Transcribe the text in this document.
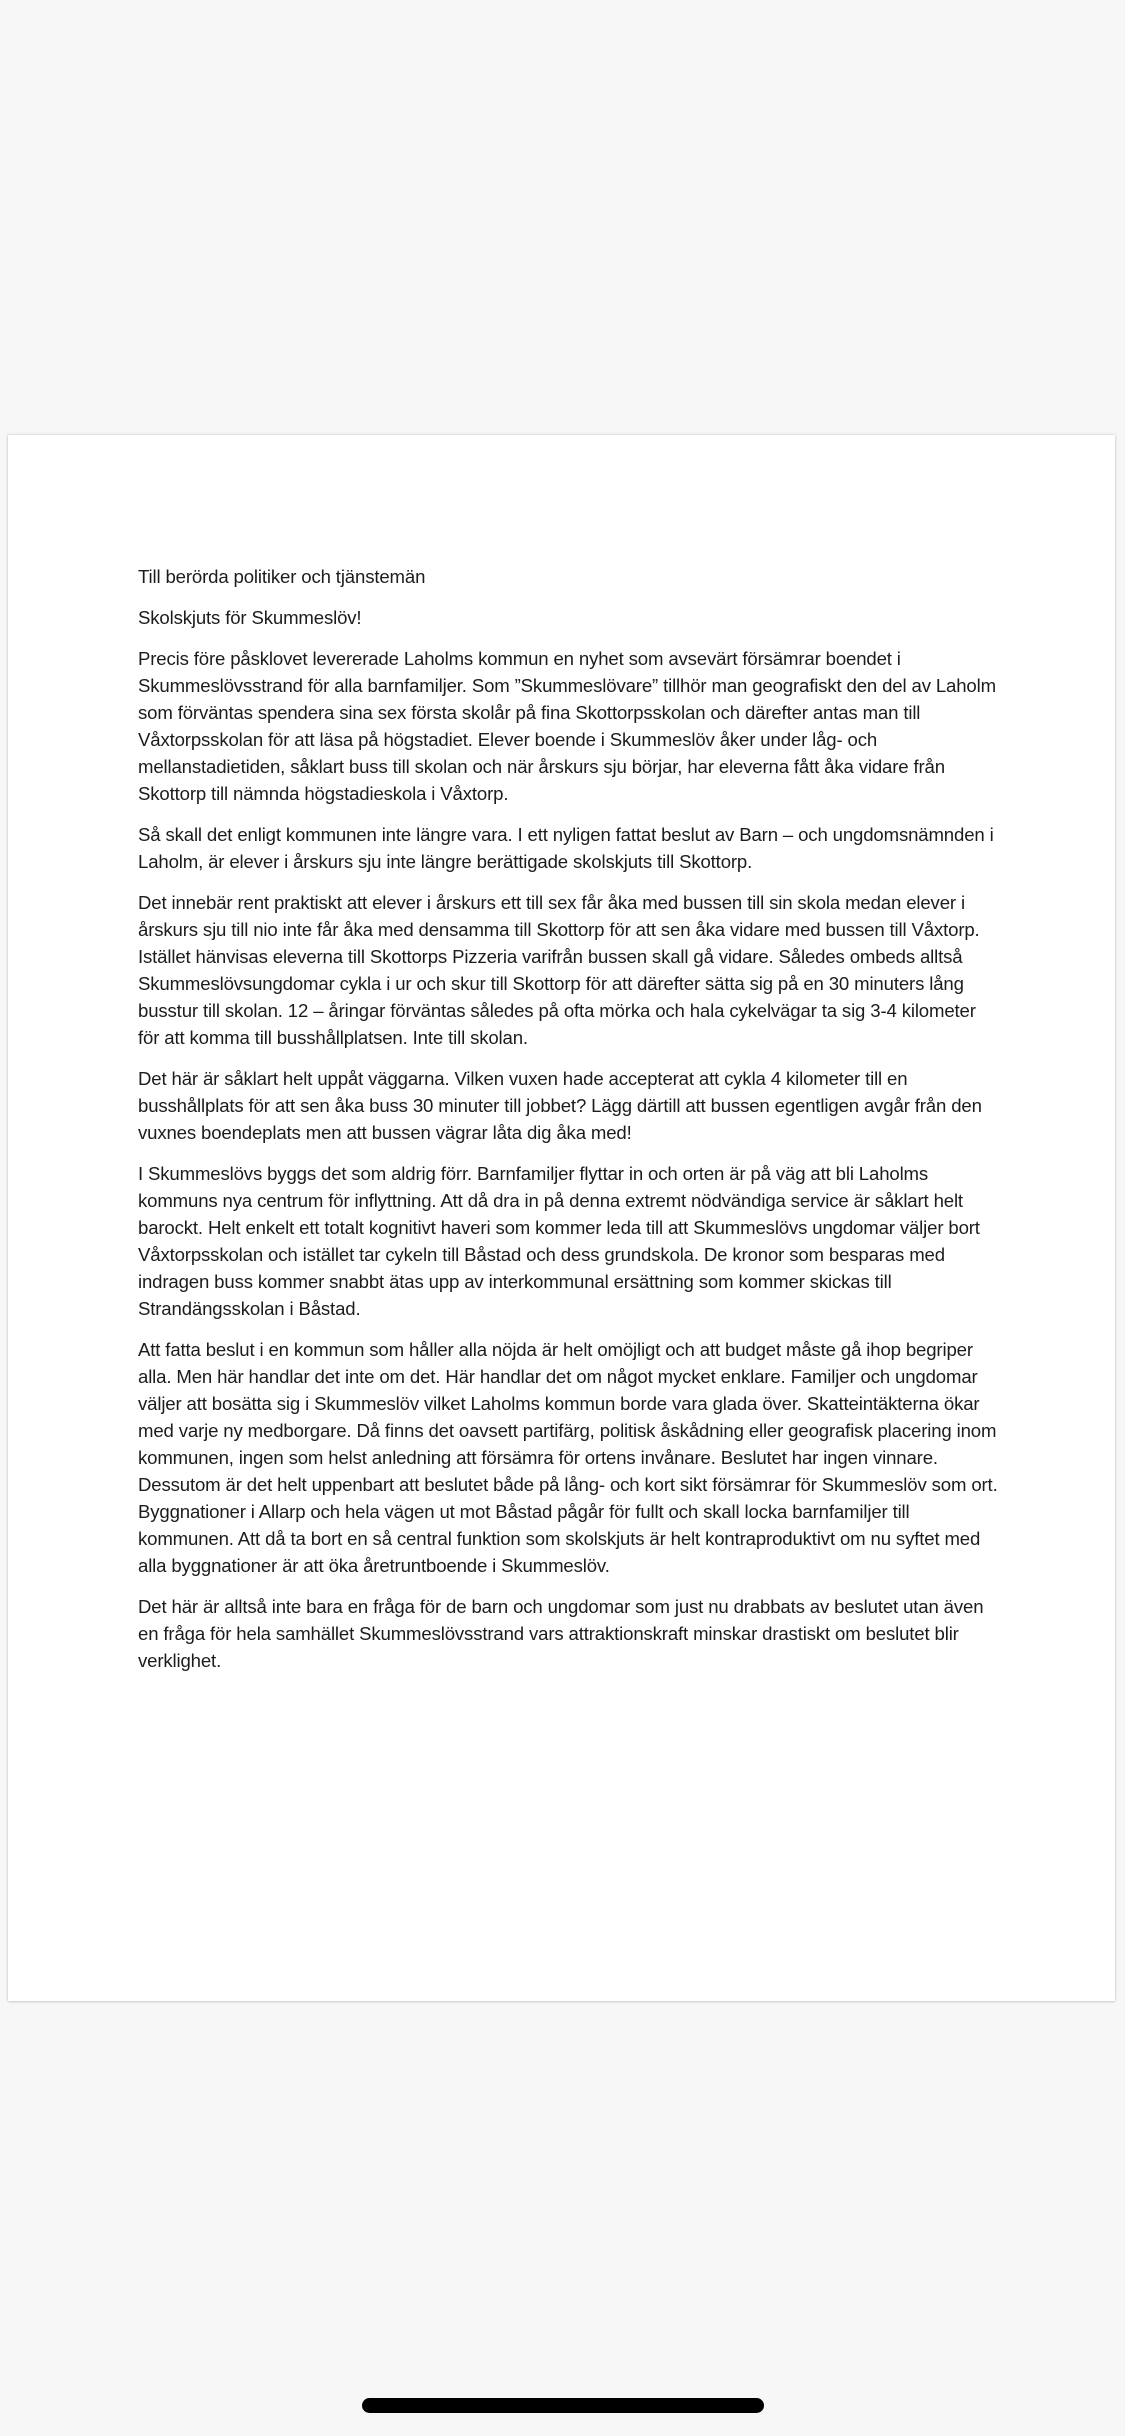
Till berörda politiker och tjänstemän

Skolskjuts för Skummeslöv!

Precis före påsklovet levererade Laholms kommun en nyhet som avsevärt försämrar boendet i Skummeslövsstrand för alla barnfamiljer. Som ”Skummeslövare” tillhör man geografiskt den del av Laholm som förväntas spendera sina sex första skolår på fina Skottorpsskolan och därefter antas man till Våxtorpsskolan för att läsa på högstadiet. Elever boende i Skummeslöv åker under låg- och mellanstadietiden, såklart buss till skolan och när årskurs sju börjar, har eleverna fått åka vidare från Skottorp till nämnda högstadieskola i Våxtorp.

Så skall det enligt kommunen inte längre vara. I ett nyligen fattat beslut av Barn – och ungdomsnämnden i Laholm, är elever i årskurs sju inte längre berättigade skolskjuts till Skottorp.

Det innebär rent praktiskt att elever i årskurs ett till sex får åka med bussen till sin skola medan elever i årskurs sju till nio inte får åka med densamma till Skottorp för att sen åka vidare med bussen till Våxtorp. Istället hänvisas eleverna till Skottorps Pizzeria varifrån bussen skall gå vidare. Således ombeds alltså Skummeslövsungdomar cykla i ur och skur till Skottorp för att därefter sätta sig på en 30 minuters lång busstur till skolan. 12 – åringar förväntas således på ofta mörka och hala cykelvägar ta sig 3-4 kilometer för att komma till busshållplatsen. Inte till skolan.

Det här är såklart helt uppåt väggarna. Vilken vuxen hade accepterat att cykla 4 kilometer till en busshållplats för att sen åka buss 30 minuter till jobbet? Lägg därtill att bussen egentligen avgår från den vuxnes boendeplats men att bussen vägrar låta dig åka med!

I Skummeslövs byggs det som aldrig förr. Barnfamiljer flyttar in och orten är på väg att bli Laholms kommuns nya centrum för inflyttning. Att då dra in på denna extremt nödvändiga service är såklart helt barockt. Helt enkelt ett totalt kognitivt haveri som kommer leda till att Skummeslövs ungdomar väljer bort Våxtorpsskolan och istället tar cykeln till Båstad och dess grundskola. De kronor som besparas med indragen buss kommer snabbt ätas upp av interkommunal ersättning som kommer skickas till Strandängsskolan i Båstad.

Att fatta beslut i en kommun som håller alla nöjda är helt omöjligt och att budget måste gå ihop begriper alla. Men här handlar det inte om det. Här handlar det om något mycket enklare. Familjer och ungdomar väljer att bosätta sig i Skummeslöv vilket Laholms kommun borde vara glada över. Skatteintäkterna ökar med varje ny medborgare. Då finns det oavsett partifärg, politisk åskådning eller geografisk placering inom kommunen, ingen som helst anledning att försämra för ortens invånare. Beslutet har ingen vinnare. Dessutom är det helt uppenbart att beslutet både på lång- och kort sikt försämrar för Skummeslöv som ort. Byggnationer i Allarp och hela vägen ut mot Båstad pågår för fullt och skall locka barnfamiljer till kommunen. Att då ta bort en så central funktion som skolskjuts är helt kontraproduktivt om nu syftet med alla byggnationer är att öka åretruntboende i Skummeslöv.

Det här är alltså inte bara en fråga för de barn och ungdomar som just nu drabbats av beslutet utan även en fråga för hela samhället Skummeslövsstrand vars attraktionskraft minskar drastiskt om beslutet blir verklighet.
